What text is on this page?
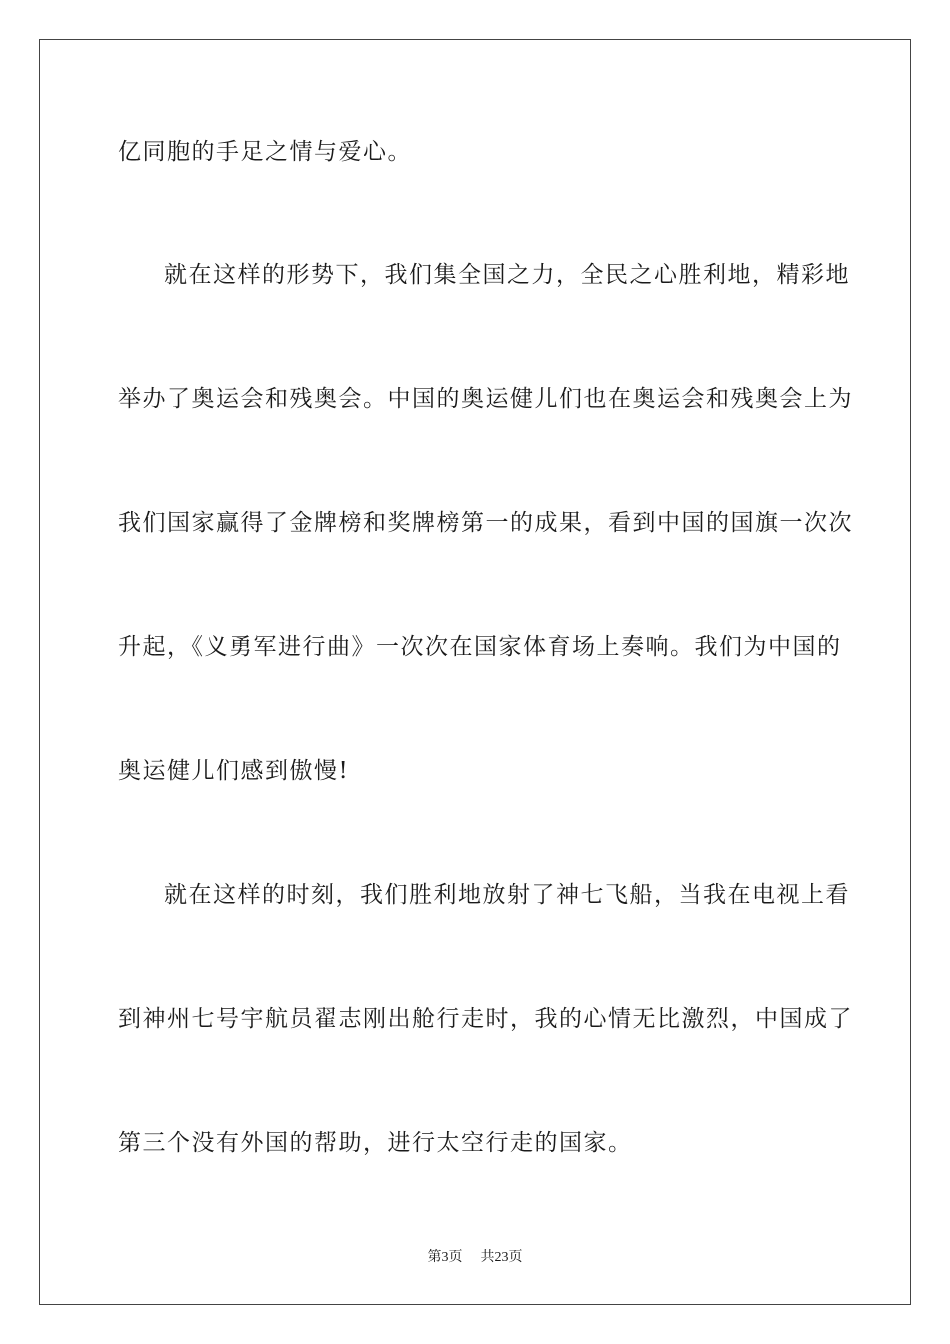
亿同胞的手足之情与爱心。
就在这样的形势下，我们集全国之力，全民之心胜利地，精彩地
举办了奥运会和残奥会。中国的奥运健儿们也在奥运会和残奥会上为
我们国家赢得了金牌榜和奖牌榜第一的成果，看到中国的国旗一次次
升起，《义勇军进行曲》一次次在国家体育场上奏响。我们为中国的
奥运健儿们感到傲慢!
就在这样的时刻，我们胜利地放射了神七飞船，当我在电视上看
到神州七号宇航员翟志刚出舱行走时，我的心情无比激烈，中国成了
第三个没有外国的帮助，进行太空行走的国家。
第3页 共23页
